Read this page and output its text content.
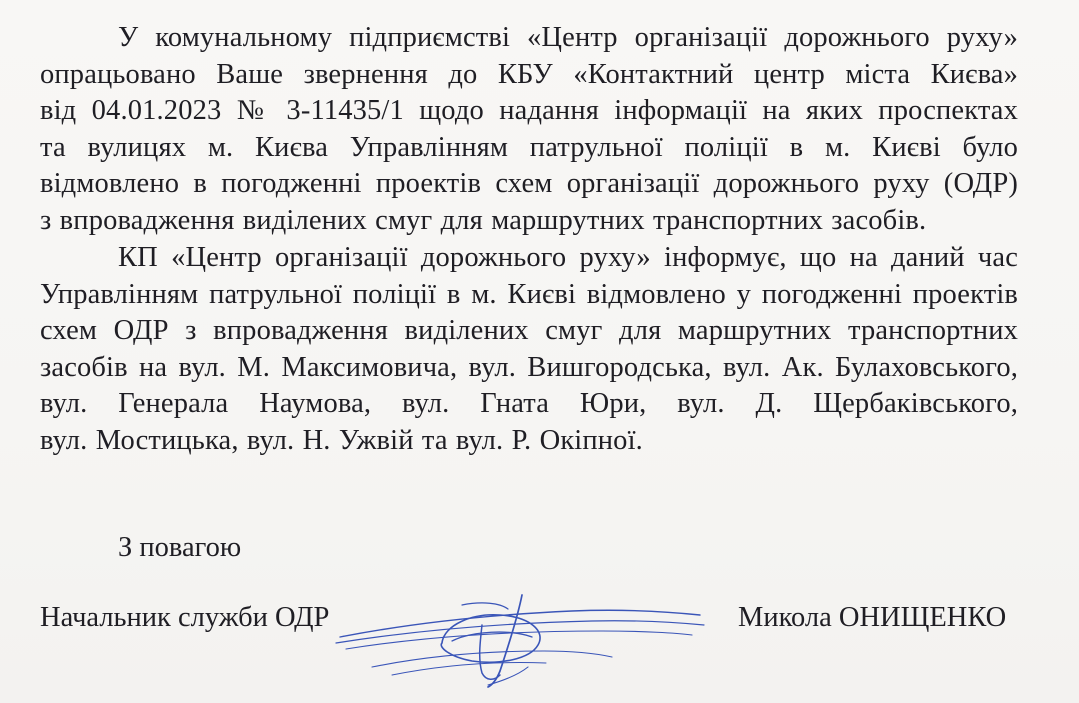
У комунальному підприємстві «Центр організації дорожнього руху»
опрацьовано Ваше звернення до КБУ «Контактний центр міста Києва»
від 04.01.2023 № 3-11435/1 щодо надання інформації на яких проспектах
та вулицях м. Києва Управлінням патрульної поліції в м. Києві було
відмовлено в погодженні проектів схем організації дорожнього руху (ОДР)
з впровадження виділених смуг для маршрутних транспортних засобів.
КП «Центр організації дорожнього руху» інформує, що на даний час
Управлінням патрульної поліції в м. Києві відмовлено у погодженні проектів
схем ОДР з впровадження виділених смуг для маршрутних транспортних
засобів на вул. М. Максимовича, вул. Вишгородська, вул. Ак. Булаховського,
вул. Генерала Наумова, вул. Гната Юри, вул. Д. Щербаківського,
вул. Мостицька, вул. Н. Ужвій та вул. Р. Окіпної.
З повагою
Начальник служби ОДР	Микола ОНИЩЕНКО
